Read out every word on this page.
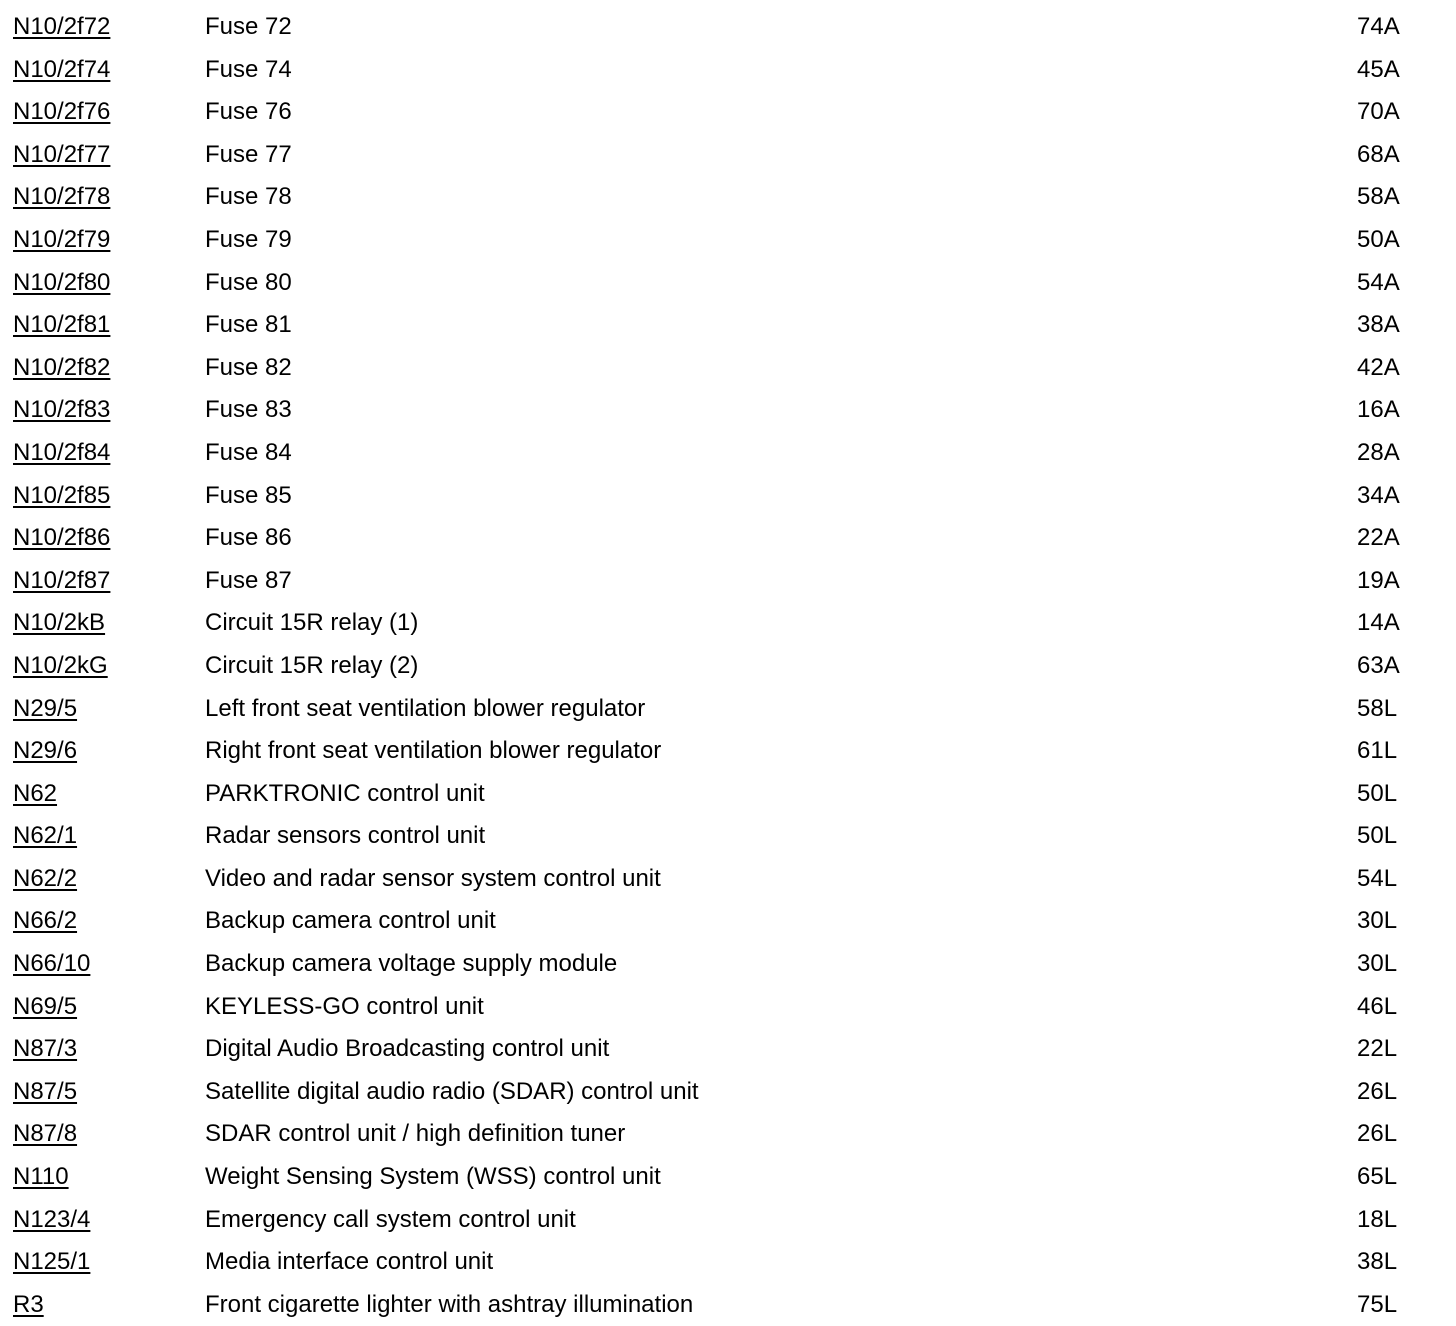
N10/2f72	Fuse 72	74A
N10/2f74	Fuse 74	45A
N10/2f76	Fuse 76	70A
N10/2f77	Fuse 77	68A
N10/2f78	Fuse 78	58A
N10/2f79	Fuse 79	50A
N10/2f80	Fuse 80	54A
N10/2f81	Fuse 81	38A
N10/2f82	Fuse 82	42A
N10/2f83	Fuse 83	16A
N10/2f84	Fuse 84	28A
N10/2f85	Fuse 85	34A
N10/2f86	Fuse 86	22A
N10/2f87	Fuse 87	19A
N10/2kB	Circuit 15R relay (1)	14A
N10/2kG	Circuit 15R relay (2)	63A
N29/5	Left front seat ventilation blower regulator	58L
N29/6	Right front seat ventilation blower regulator	61L
N62	PARKTRONIC control unit	50L
N62/1	Radar sensors control unit	50L
N62/2	Video and radar sensor system control unit	54L
N66/2	Backup camera control unit	30L
N66/10	Backup camera voltage supply module	30L
N69/5	KEYLESS-GO control unit	46L
N87/3	Digital Audio Broadcasting control unit	22L
N87/5	Satellite digital audio radio (SDAR) control unit	26L
N87/8	SDAR control unit / high definition tuner	26L
N110	Weight Sensing System (WSS) control unit	65L
N123/4	Emergency call system control unit	18L
N125/1	Media interface control unit	38L
R3	Front cigarette lighter with ashtray illumination	75L
